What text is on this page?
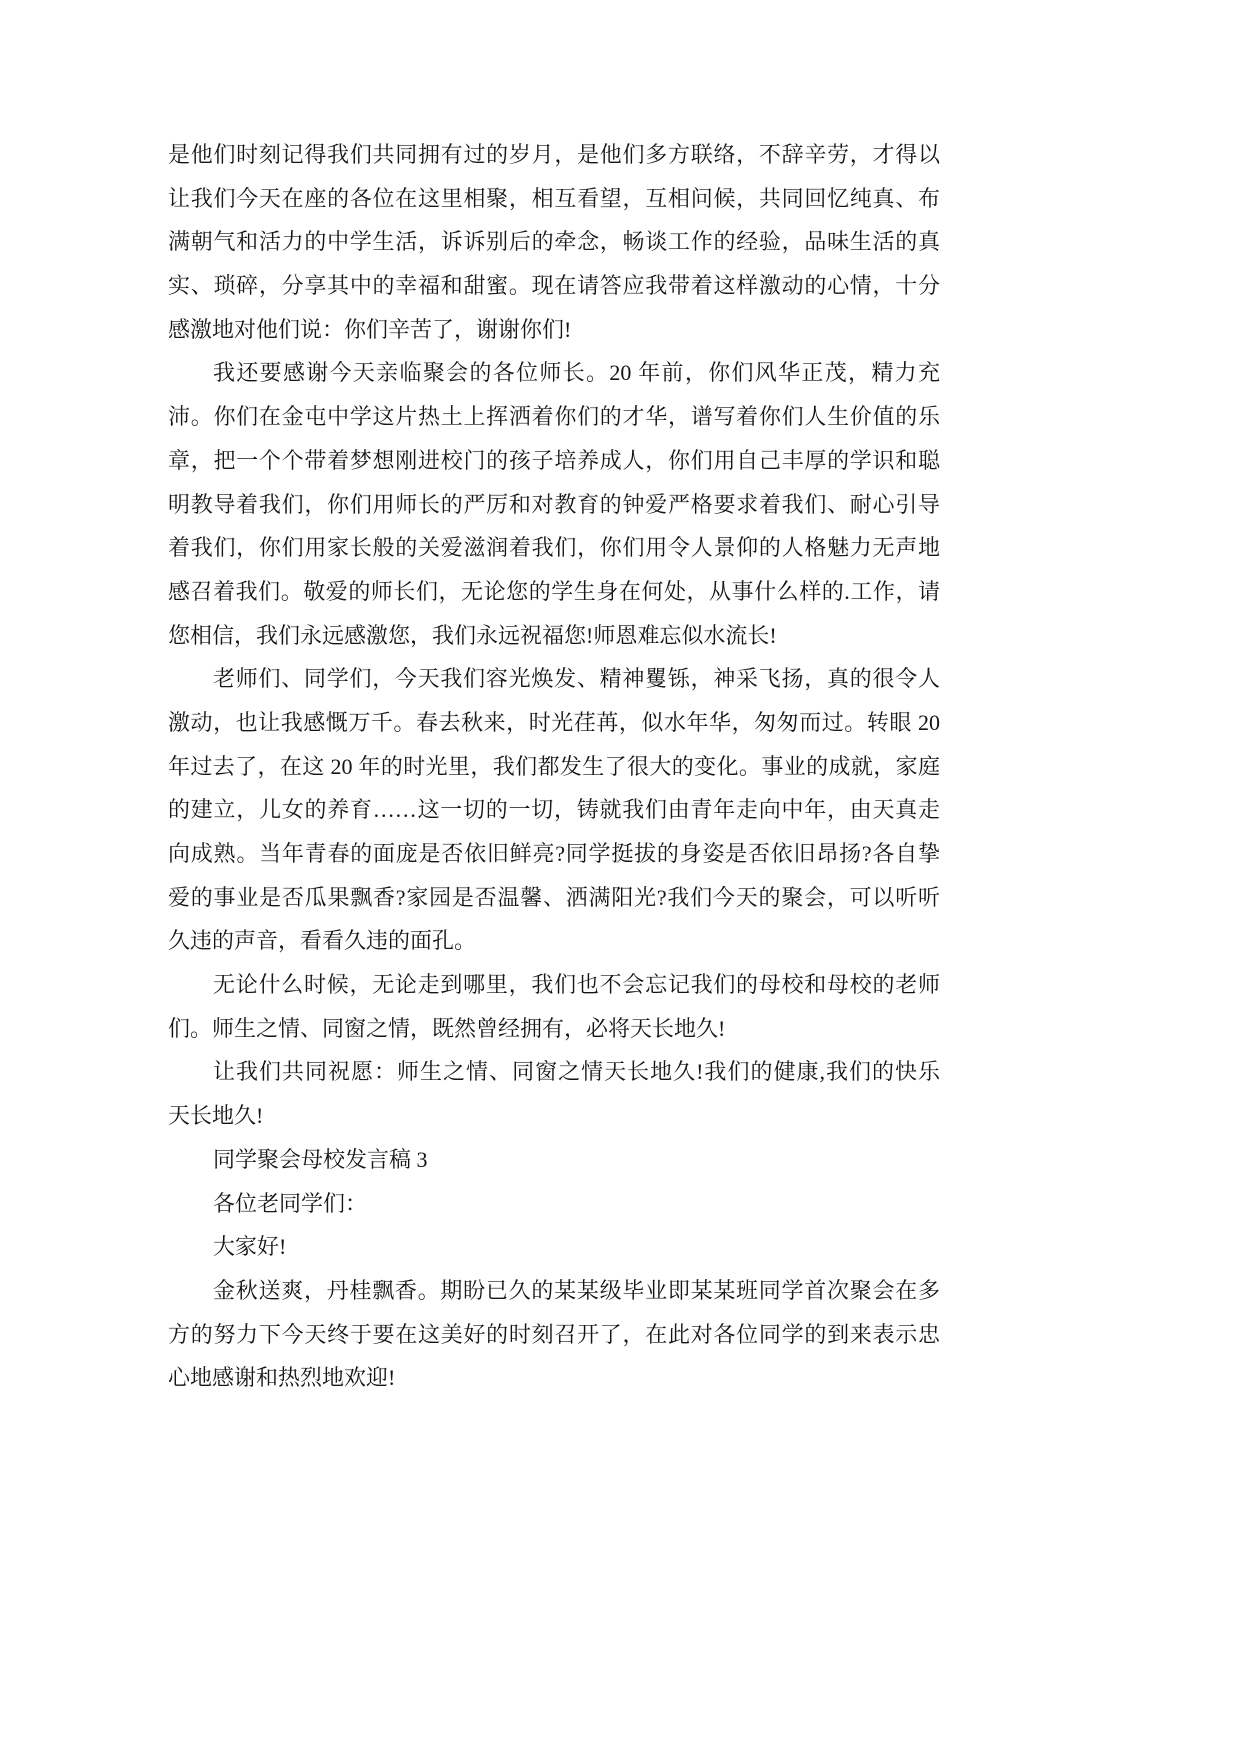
是他们时刻记得我们共同拥有过的岁月，是他们多方联络，不辞辛劳，才得以
让我们今天在座的各位在这里相聚，相互看望，互相问候，共同回忆纯真、布
满朝气和活力的中学生活，诉诉别后的牵念，畅谈工作的经验，品味生活的真
实、琐碎，分享其中的幸福和甜蜜。现在请答应我带着这样激动的心情，十分
感激地对他们说：你们辛苦了，谢谢你们!
我还要感谢今天亲临聚会的各位师长。20 年前，你们风华正茂，精力充
沛。你们在金屯中学这片热土上挥洒着你们的才华，谱写着你们人生价值的乐
章，把一个个带着梦想刚进校门的孩子培养成人，你们用自己丰厚的学识和聪
明教导着我们，你们用师长的严厉和对教育的钟爱严格要求着我们、耐心引导
着我们，你们用家长般的关爱滋润着我们，你们用令人景仰的人格魅力无声地
感召着我们。敬爱的师长们，无论您的学生身在何处，从事什么样的.工作，请
您相信，我们永远感激您，我们永远祝福您!师恩难忘似水流长!
老师们、同学们，今天我们容光焕发、精神矍铄，神采飞扬，真的很令人
激动，也让我感慨万千。春去秋来，时光荏苒，似水年华，匆匆而过。转眼 20
年过去了，在这 20 年的时光里，我们都发生了很大的变化。事业的成就，家庭
的建立，儿女的养育……这一切的一切，铸就我们由青年走向中年，由天真走
向成熟。当年青春的面庞是否依旧鲜亮?同学挺拔的身姿是否依旧昂扬?各自挚
爱的事业是否瓜果飘香?家园是否温馨、洒满阳光?我们今天的聚会，可以听听
久违的声音，看看久违的面孔。
无论什么时候，无论走到哪里，我们也不会忘记我们的母校和母校的老师
们。师生之情、同窗之情，既然曾经拥有，必将天长地久!
让我们共同祝愿：师生之情、同窗之情天长地久!我们的健康,我们的快乐
天长地久!
同学聚会母校发言稿 3
各位老同学们：
大家好!
金秋送爽，丹桂飘香。期盼已久的某某级毕业即某某班同学首次聚会在多
方的努力下今天终于要在这美好的时刻召开了，在此对各位同学的到来表示忠
心地感谢和热烈地欢迎!
